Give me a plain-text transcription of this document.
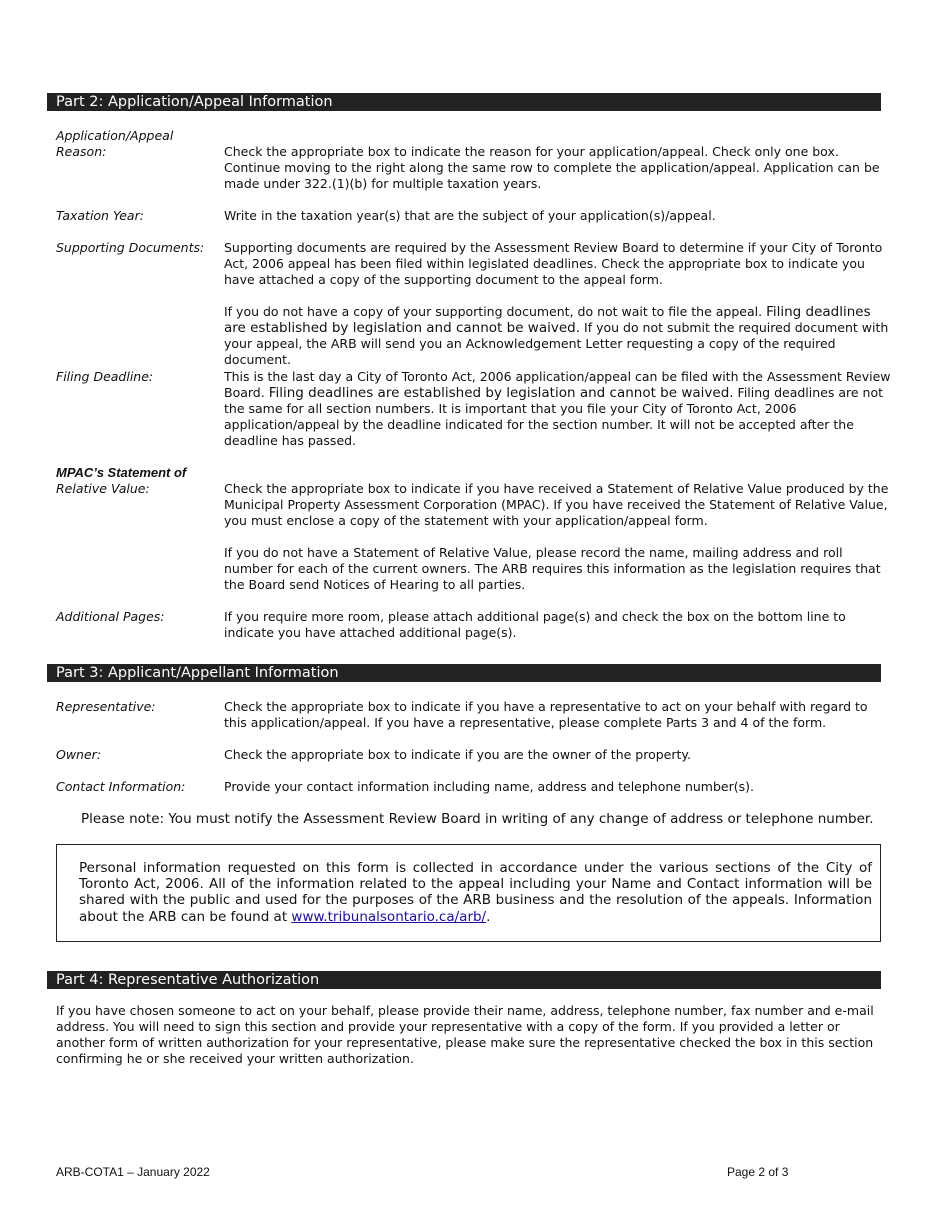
Part 2: Application/Appeal Information
Application/Appeal
Reason:	Check the appropriate box to indicate the reason for your application/appeal. Check only one box. Continue moving to the right along the same row to complete the application/appeal. Application can be made under 322.(1)(b) for multiple taxation years.
Taxation Year:	Write in the taxation year(s) that are the subject of your application(s)/appeal.
Supporting Documents:	Supporting documents are required by the Assessment Review Board to determine if your City of Toronto Act, 2006 appeal has been filed within legislated deadlines. Check the appropriate box to indicate you have attached a copy of the supporting document to the appeal form.
If you do not have a copy of your supporting document, do not wait to file the appeal. Filing deadlines are established by legislation and cannot be waived. If you do not submit the required document with your appeal, the ARB will send you an Acknowledgement Letter requesting a copy of the required document.
Filing Deadline:	This is the last day a City of Toronto Act, 2006 application/appeal can be filed with the Assessment Review Board. Filing deadlines are established by legislation and cannot be waived. Filing deadlines are not the same for all section numbers. It is important that you file your City of Toronto Act, 2006 application/appeal by the deadline indicated for the section number. It will not be accepted after the deadline has passed.
MPAC’s Statement of
Relative Value:	Check the appropriate box to indicate if you have received a Statement of Relative Value produced by the Municipal Property Assessment Corporation (MPAC). If you have received the Statement of Relative Value, you must enclose a copy of the statement with your application/appeal form.
If you do not have a Statement of Relative Value, please record the name, mailing address and roll number for each of the current owners. The ARB requires this information as the legislation requires that the Board send Notices of Hearing to all parties.
Additional Pages:	If you require more room, please attach additional page(s) and check the box on the bottom line to indicate you have attached additional page(s).
Part 3: Applicant/Appellant Information
Representative:	Check the appropriate box to indicate if you have a representative to act on your behalf with regard to this application/appeal. If you have a representative, please complete Parts 3 and 4 of the form.
Owner:	Check the appropriate box to indicate if you are the owner of the property.
Contact Information:	Provide your contact information including name, address and telephone number(s).
Please note: You must notify the Assessment Review Board in writing of any change of address or telephone number.
Personal information requested on this form is collected in accordance under the various sections of the City of Toronto Act, 2006. All of the information related to the appeal including your Name and Contact information will be shared with the public and used for the purposes of the ARB business and the resolution of the appeals. Information about the ARB can be found at www.tribunalsontario.ca/arb/.
Part 4: Representative Authorization
If you have chosen someone to act on your behalf, please provide their name, address, telephone number, fax number and e-mail address. You will need to sign this section and provide your representative with a copy of the form. If you provided a letter or another form of written authorization for your representative, please make sure the representative checked the box in this section confirming he or she received your written authorization.
ARB-COTA1 – January 2022	Page 2 of 3
